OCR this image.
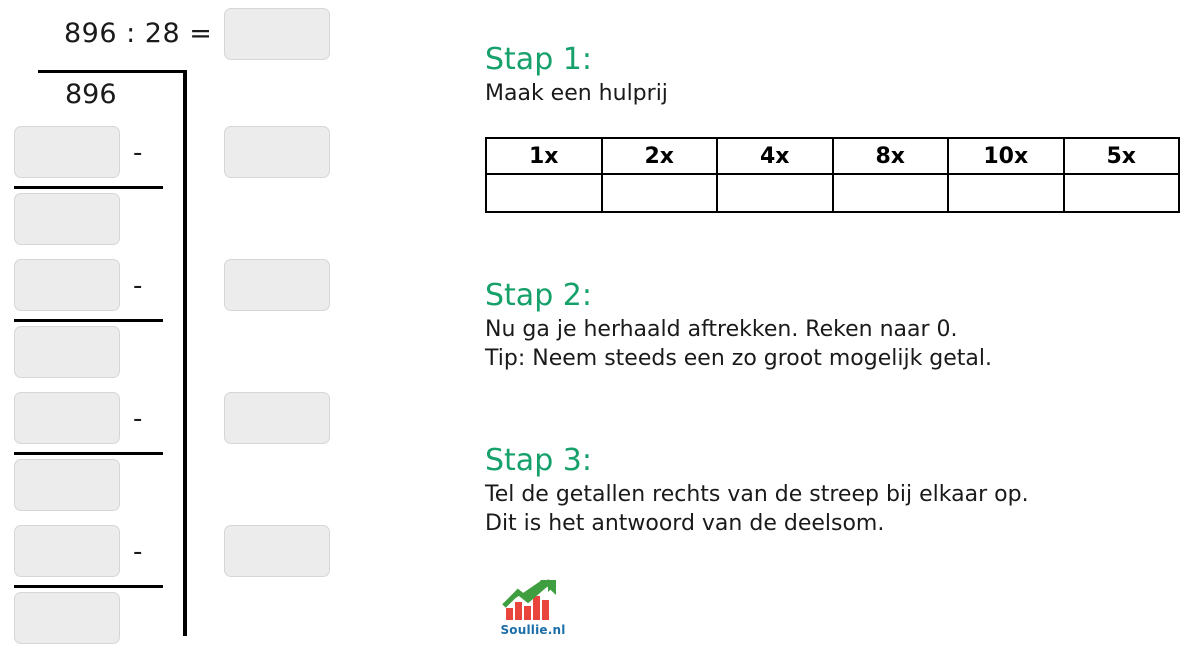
896 : 28 =
896
-
-
-
-

Stap 1:

Maak een hulprij

1x	2x	4x	8x	10x	5x

Stap 2:

Nu ga je herhaald aftrekken. Reken naar 0.

Tip: Neem steeds een zo groot mogelijk getal.

Stap 3:

Tel de getallen rechts van de streep bij elkaar op.

Dit is het antwoord van de deelsom.

Soullie.nl
